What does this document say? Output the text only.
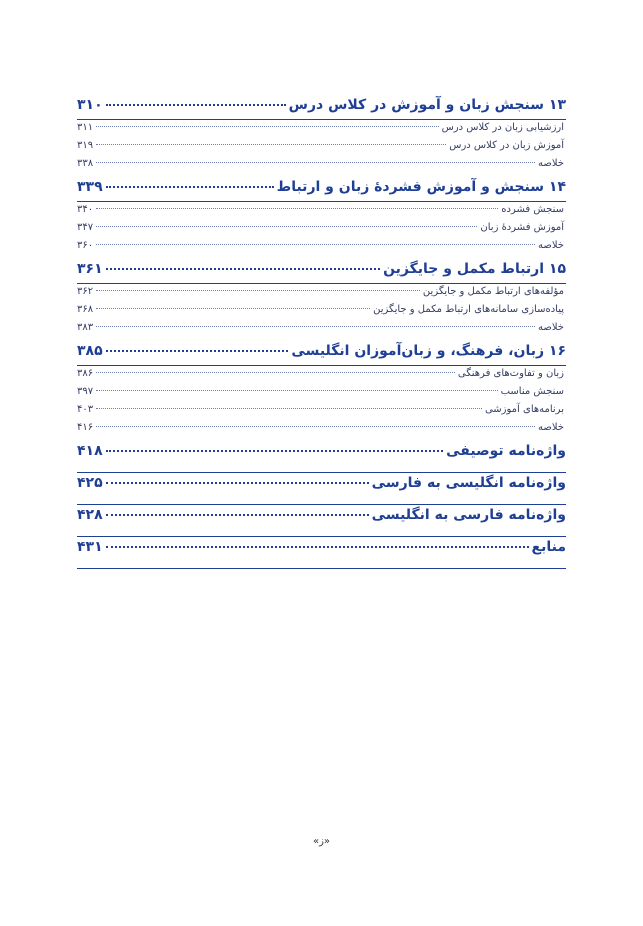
۱۳ سنجش زبان و آموزش در کلاس درس
۳۱۰
ارزشیابی زبان در کلاس درس
۳۱۱
آموزش زبان در کلاس درس
۳۱۹
خلاصه
۳۳۸
۱۴ سنجش و آموزش فشردهٔ زبان و ارتباط
۳۳۹
سنجش فشرده
۳۴۰
آموزش فشردهٔ زبان
۳۴۷
خلاصه
۳۶۰
۱۵ ارتباط مکمل و جایگزین
۳۶۱
مؤلفه‌های ارتباط مکمل و جایگزین
۳۶۲
پیاده‌سازی سامانه‌های ارتباط مکمل و جایگزین
۳۶۸
خلاصه
۳۸۳
۱۶ زبان، فرهنگ، و زبان‌آموزان انگلیسی
۳۸۵
زبان و تفاوت‌های فرهنگی
۳۸۶
سنجش مناسب
۳۹۷
برنامه‌های آموزشی
۴۰۳
خلاصه
۴۱۶
واژه‌نامه توصیفی
۴۱۸
واژه‌نامه انگلیسی به فارسی
۴۲۵
واژه‌نامه فارسی به انگلیسی
۴۲۸
منابع
۴۳۱
«ز»
